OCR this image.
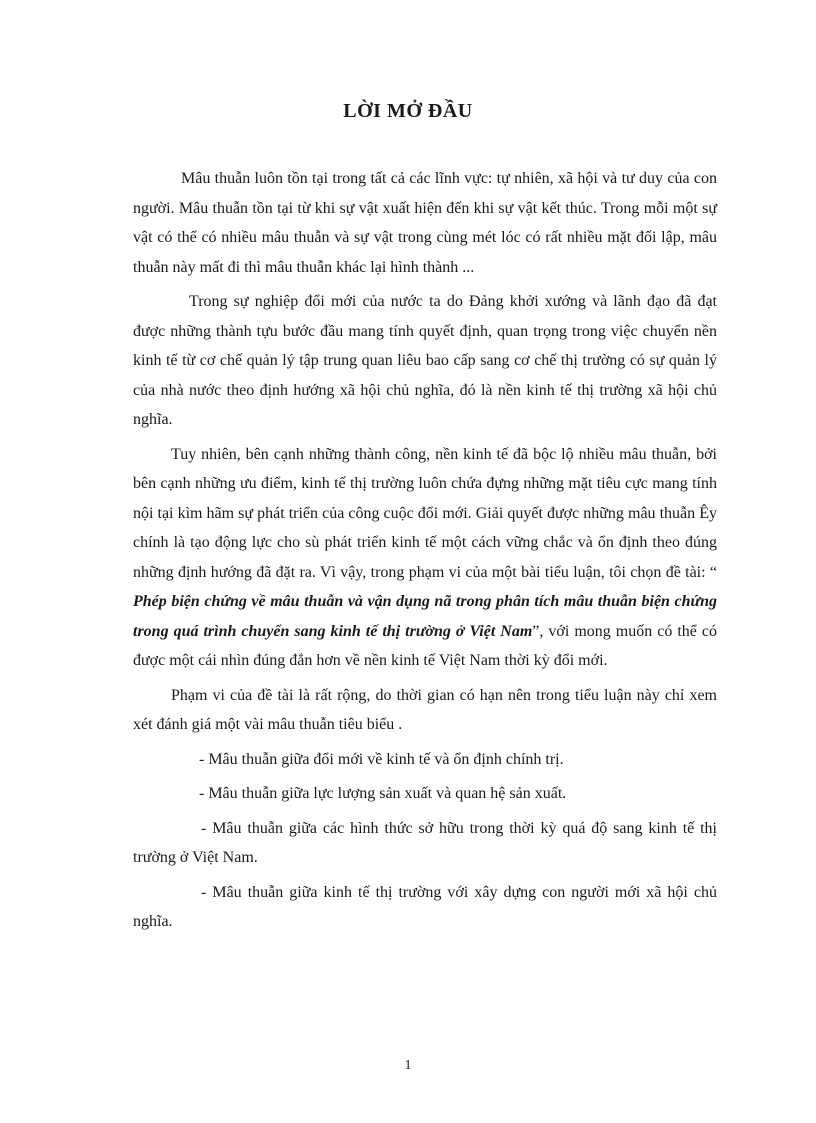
LỜI MỞ ĐẦU

Mâu thuẫn luôn tồn tại trong tất cả các lĩnh vực: tự nhiên, xã hội và tư duy của con người. Mâu thuẫn tồn tại từ khi sự vật xuất hiện đến khi sự vật kết thúc. Trong mỗi một sự vật có thể có nhiều mâu thuẫn và sự vật trong cùng mét lóc có rất nhiều mặt đối lập, mâu thuẫn này mất đi thì mâu thuẫn khác lại hình thành ...

Trong sự nghiệp đổi mới của nước ta do Đảng khởi xướng và lãnh đạo đã đạt được những thành tựu bước đầu mang tính quyết định, quan trọng trong việc chuyển nền kinh tế từ cơ chế quản lý tập trung quan liêu bao cấp sang cơ chế thị trường có sự quản lý của nhà nước theo định hướng xã hội chủ nghĩa, đó là nền kinh tế thị trường xã hội chủ nghĩa.

Tuy nhiên, bên cạnh những thành công, nền kinh tế đã bộc lộ nhiều mâu thuẫn, bởi bên cạnh những ưu điểm, kinh tế thị trường luôn chứa đựng những mặt tiêu cực mang tính nội tại kìm hãm sự phát triển của công cuộc đổi mới. Giải quyết được những mâu thuẫn Êy chính là tạo động lực cho sù phát triển kinh tế một cách vững chắc và ổn định theo đúng những định hướng đã đặt ra. Vì vậy, trong phạm vi của một bài tiểu luận, tôi chọn đề tài: “ Phép biện chứng về mâu thuẫn và vận dụng nã trong phân tích mâu thuẫn biện chứng trong quá trình chuyển sang kinh tế thị trường ở Việt Nam”, với mong muốn có thể có được một cái nhìn đúng đắn hơn về nền kinh tế Việt Nam thời kỳ đổi mới.

Phạm vi của đề tài là rất rộng, do thời gian có hạn nên trong tiểu luận này chỉ xem xét đánh giá một vài mâu thuẫn tiêu biểu .

- Mâu thuẫn giữa đổi mới về kinh tế và ổn định chính trị.

- Mâu thuẫn giữa lực lượng sản xuất và quan hệ sản xuất.

- Mâu thuẫn giữa các hình thức sở hữu trong thời kỳ quá độ sang kinh tế thị trường ở Việt Nam.

- Mâu thuẫn giữa kinh tế thị trường với xây dựng con người mới xã hội chủ nghĩa.

1
